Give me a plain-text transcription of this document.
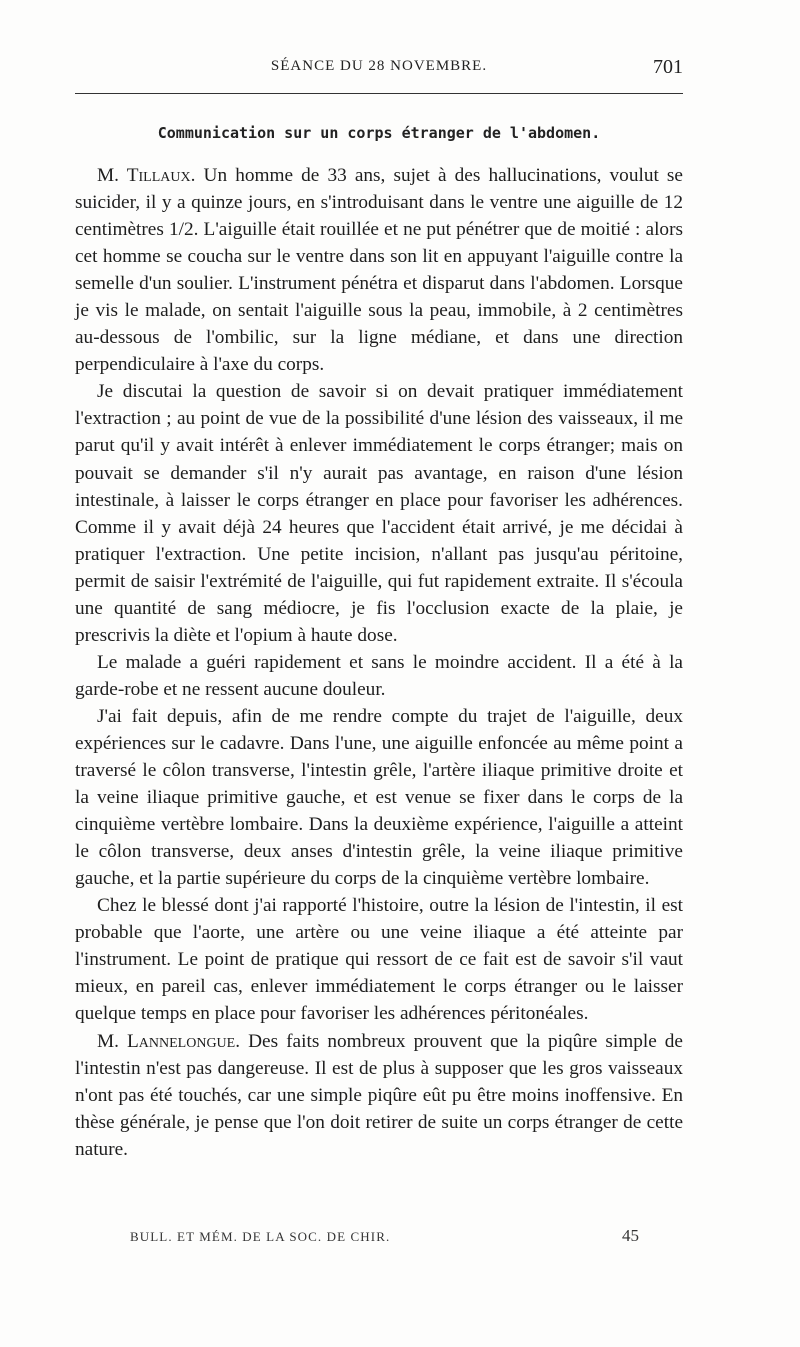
SÉANCE DU 28 NOVEMBRE.	701
Communication sur un corps étranger de l'abdomen.

M. Tillaux. Un homme de 33 ans, sujet à des hallucinations, voulut se suicider, il y a quinze jours, en s'introduisant dans le ventre une aiguille de 12 centimètres 1/2. L'aiguille était rouillée et ne put pénétrer que de moitié : alors cet homme se coucha sur le ventre dans son lit en appuyant l'aiguille contre la semelle d'un soulier. L'instrument pénétra et disparut dans l'abdomen. Lorsque je vis le malade, on sentait l'aiguille sous la peau, immobile, à 2 centimètres au-dessous de l'ombilic, sur la ligne médiane, et dans une direction perpendiculaire à l'axe du corps.

Je discutai la question de savoir si on devait pratiquer immédiatement l'extraction ; au point de vue de la possibilité d'une lésion des vaisseaux, il me parut qu'il y avait intérêt à enlever immédiatement le corps étranger; mais on pouvait se demander s'il n'y aurait pas avantage, en raison d'une lésion intestinale, à laisser le corps étranger en place pour favoriser les adhérences. Comme il y avait déjà 24 heures que l'accident était arrivé, je me décidai à pratiquer l'extraction. Une petite incision, n'allant pas jusqu'au péritoine, permit de saisir l'extrémité de l'aiguille, qui fut rapidement extraite. Il s'écoula une quantité de sang médiocre, je fis l'occlusion exacte de la plaie, je prescrivis la diète et l'opium à haute dose.

Le malade a guéri rapidement et sans le moindre accident. Il a été à la garde-robe et ne ressent aucune douleur.

J'ai fait depuis, afin de me rendre compte du trajet de l'aiguille, deux expériences sur le cadavre. Dans l'une, une aiguille enfoncée au même point a traversé le côlon transverse, l'intestin grêle, l'artère iliaque primitive droite et la veine iliaque primitive gauche, et est venue se fixer dans le corps de la cinquième vertèbre lombaire. Dans la deuxième expérience, l'aiguille a atteint le côlon transverse, deux anses d'intestin grêle, la veine iliaque primitive gauche, et la partie supérieure du corps de la cinquième vertèbre lombaire.

Chez le blessé dont j'ai rapporté l'histoire, outre la lésion de l'intestin, il est probable que l'aorte, une artère ou une veine iliaque a été atteinte par l'instrument. Le point de pratique qui ressort de ce fait est de savoir s'il vaut mieux, en pareil cas, enlever immédiatement le corps étranger ou le laisser quelque temps en place pour favoriser les adhérences péritonéales.

M. Lannelongue. Des faits nombreux prouvent que la piqûre simple de l'intestin n'est pas dangereuse. Il est de plus à supposer que les gros vaisseaux n'ont pas été touchés, car une simple piqûre eût pu être moins inoffensive. En thèse générale, je pense que l'on doit retirer de suite un corps étranger de cette nature.

BULL. ET MÉM. DE LA SOC. DE CHIR.	45
